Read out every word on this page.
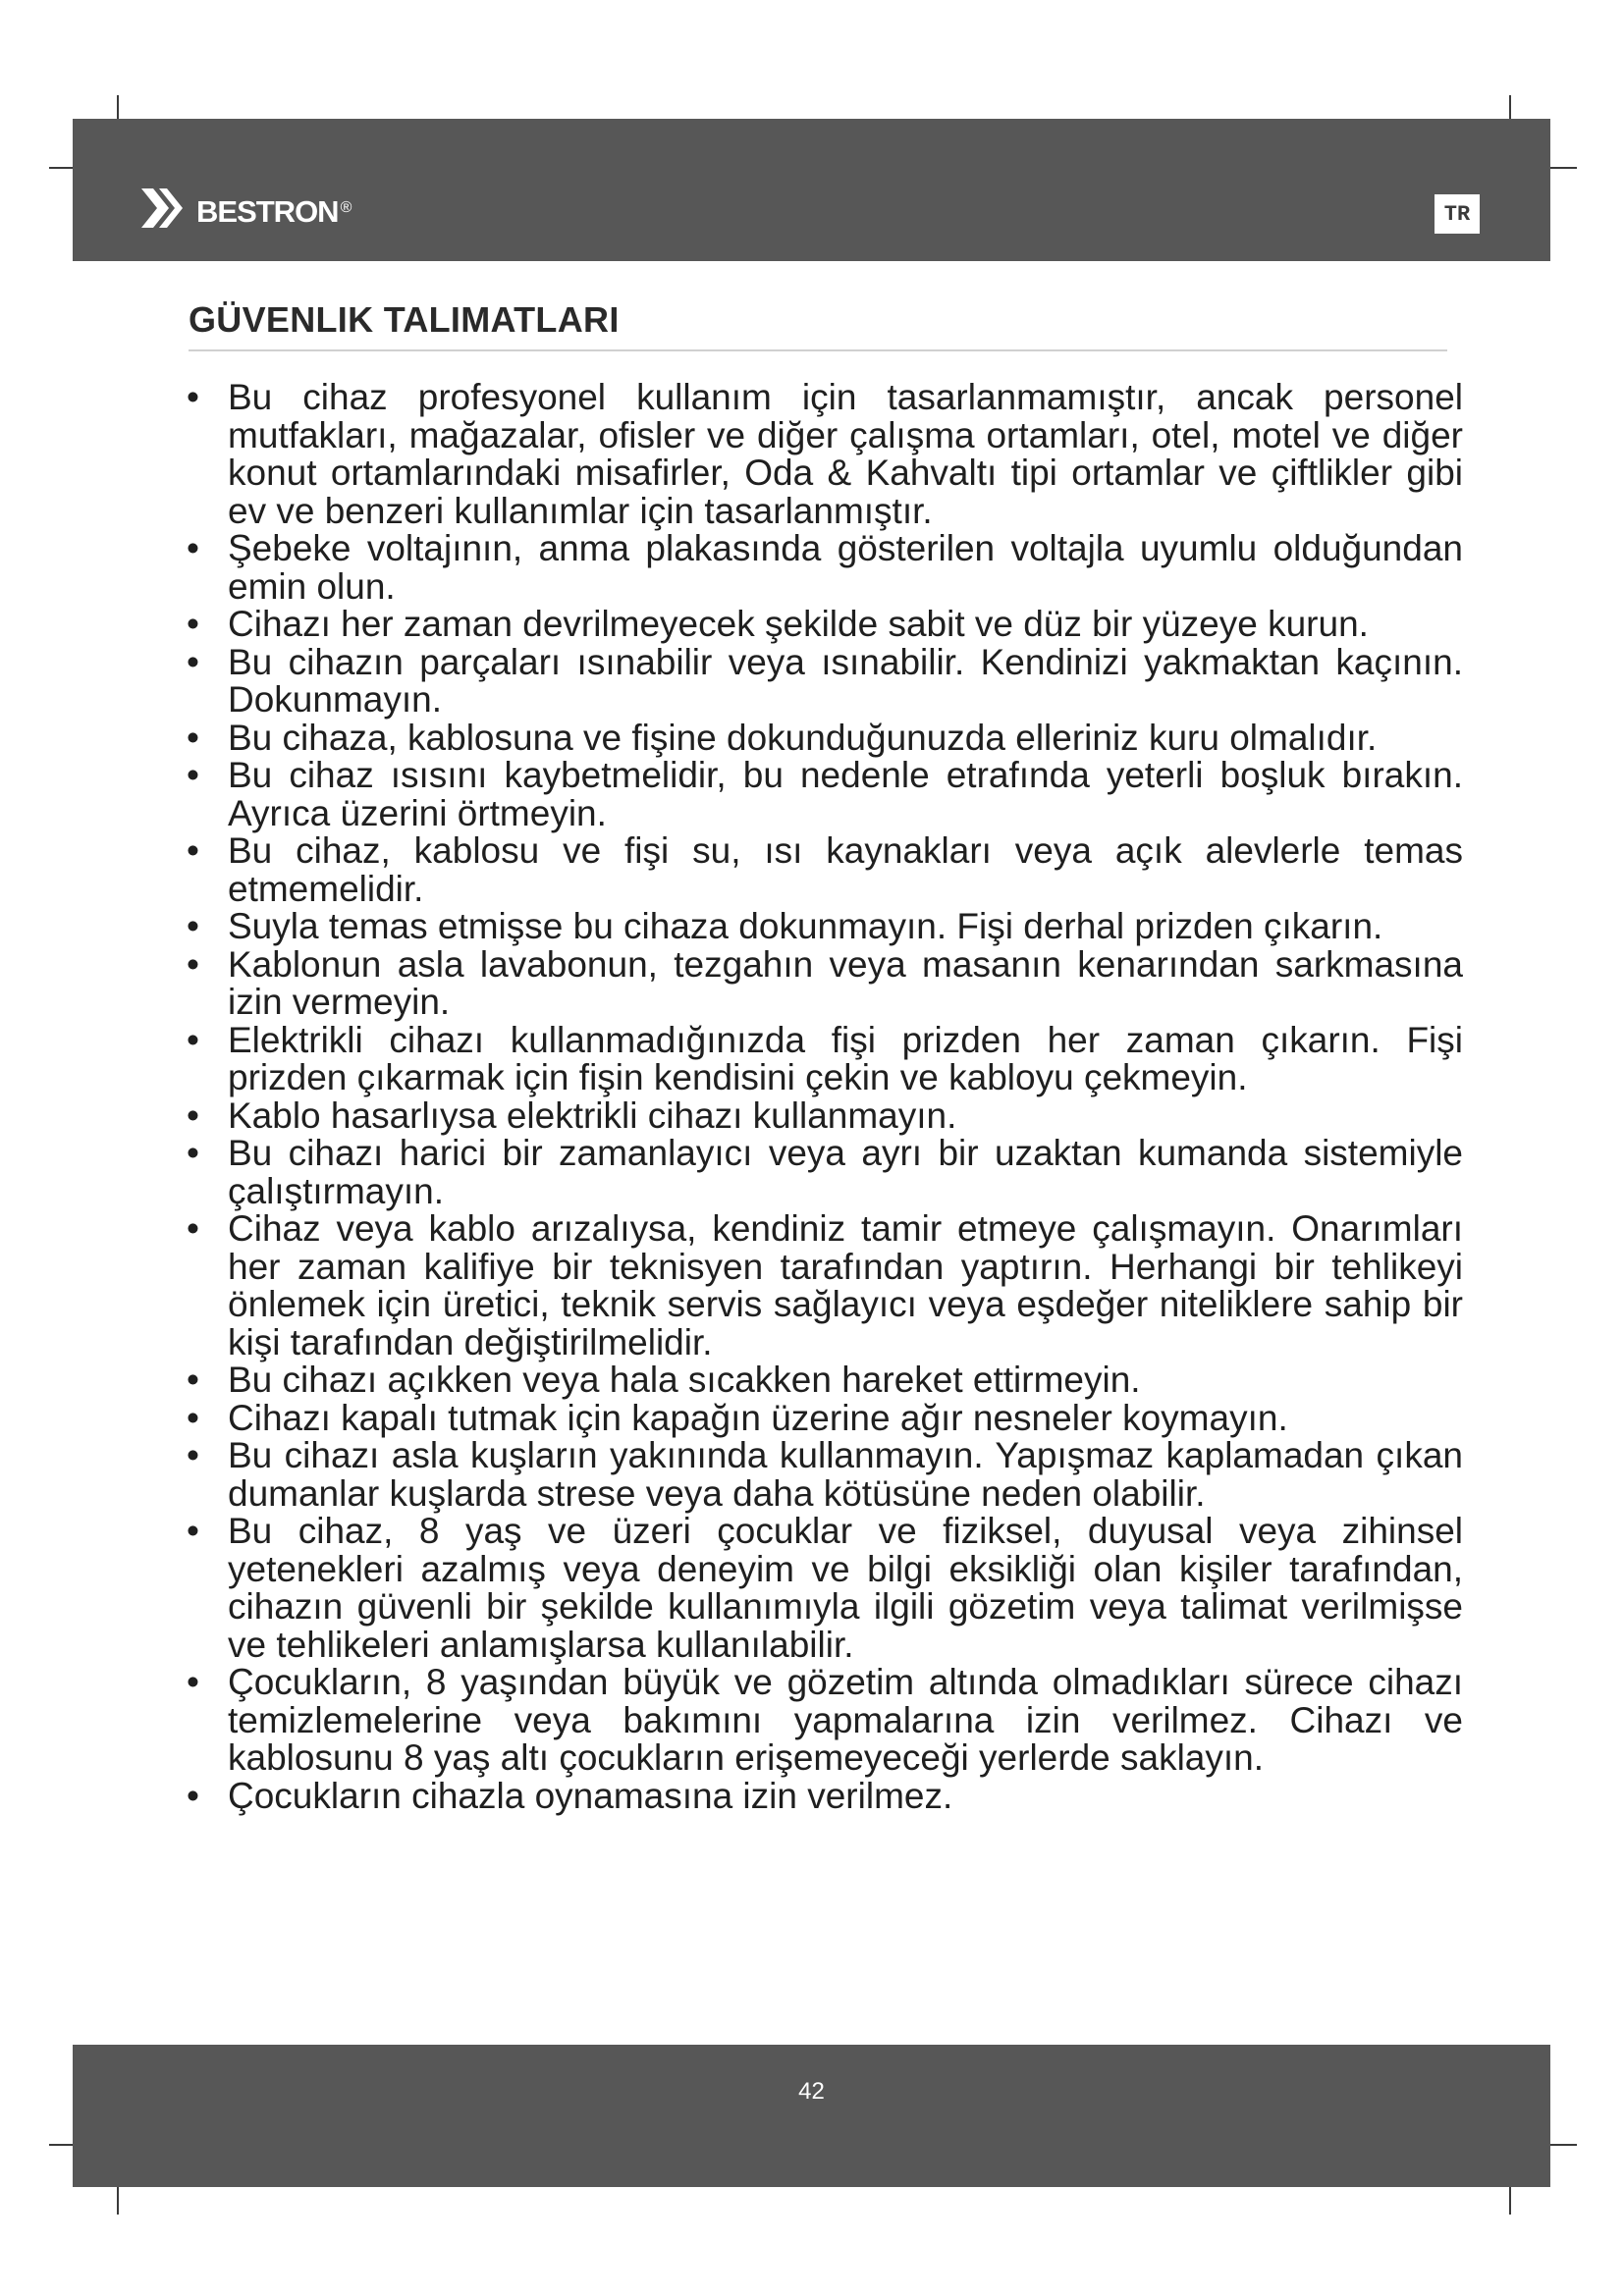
bestron ®	TR
GÜVENLIK TALIMATLARI
• Bu cihaz profesyonel kullanım için tasarlanmamıştır, ancak personel mutfakları, mağazalar, ofisler ve diğer çalışma ortamları, otel, motel ve diğer konut ortamlarındaki misafirler, Oda & Kahvaltı tipi ortamlar ve çiftlikler gibi ev ve benzeri kullanımlar için tasarlanmıştır.
• Şebeke voltajının, anma plakasında gösterilen voltajla uyumlu olduğundan emin olun.
• Cihazı her zaman devrilmeyecek şekilde sabit ve düz bir yüzeye kurun.
• Bu cihazın parçaları ısınabilir veya ısınabilir. Kendinizi yakmaktan kaçının. Dokunmayın.
• Bu cihaza, kablosuna ve fişine dokunduğunuzda elleriniz kuru olmalıdır.
• Bu cihaz ısısını kaybetmelidir, bu nedenle etrafında yeterli boşluk bırakın. Ayrıca üzerini örtmeyin.
• Bu cihaz, kablosu ve fişi su, ısı kaynakları veya açık alevlerle temas etmemelidir.
• Suyla temas etmişse bu cihaza dokunmayın. Fişi derhal prizden çıkarın.
• Kablonun asla lavabonun, tezgahın veya masanın kenarından sarkmasına izin vermeyin.
• Elektrikli cihazı kullanmadığınızda fişi prizden her zaman çıkarın. Fişi prizden çıkarmak için fişin kendisini çekin ve kabloyu çekmeyin.
• Kablo hasarlıysa elektrikli cihazı kullanmayın.
• Bu cihazı harici bir zamanlayıcı veya ayrı bir uzaktan kumanda sistemiyle çalıştırmayın.
• Cihaz veya kablo arızalıysa, kendiniz tamir etmeye çalışmayın. Onarımları her zaman kalifiye bir teknisyen tarafından yaptırın. Herhangi bir tehlikeyi önlemek için üretici, teknik servis sağlayıcı veya eşdeğer niteliklere sahip bir kişi tarafından değiştirilmelidir.
• Bu cihazı açıkken veya hala sıcakken hareket ettirmeyin.
• Cihazı kapalı tutmak için kapağın üzerine ağır nesneler koymayın.
• Bu cihazı asla kuşların yakınında kullanmayın. Yapışmaz kaplamadan çıkan dumanlar kuşlarda strese veya daha kötüsüne neden olabilir.
• Bu cihaz, 8 yaş ve üzeri çocuklar ve fiziksel, duyusal veya zihinsel yetenekleri azalmış veya deneyim ve bilgi eksikliği olan kişiler tarafından, cihazın güvenli bir şekilde kullanımıyla ilgili gözetim veya talimat verilmişse ve tehlikeleri anlamışlarsa kullanılabilir.
• Çocukların, 8 yaşından büyük ve gözetim altında olmadıkları sürece cihazı temizlemelerine veya bakımını yapmalarına izin verilmez. Cihazı ve kablosunu 8 yaş altı çocukların erişemeyeceği yerlerde saklayın.
• Çocukların cihazla oynamasına izin verilmez.
42
